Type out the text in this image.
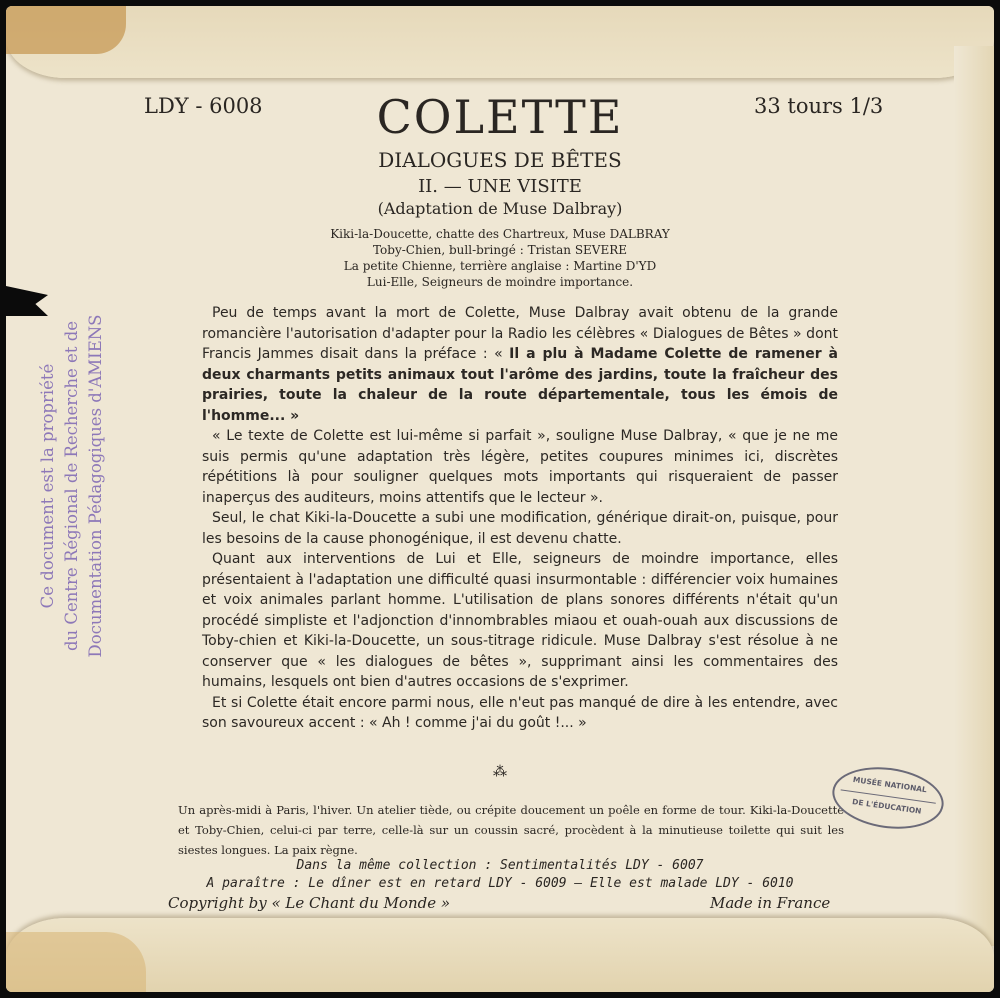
LDY - 6008	33 tours 1/3
COLETTE
DIALOGUES DE BÊTES
II. — UNE VISITE
(Adaptation de Muse Dalbray)
Kiki-la-Doucette, chatte des Chartreux, Muse DALBRAY
Toby-Chien, bull-bringé : Tristan SEVERE
La petite Chienne, terrière anglaise : Martine D'YD
Lui-Elle, Seigneurs de moindre importance.

Peu de temps avant la mort de Colette, Muse Dalbray avait obtenu de la grande romancière l'autorisation d'adapter pour la Radio les célèbres « Dialogues de Bêtes » dont Francis Jammes disait dans la préface : « Il a plu à Madame Colette de ramener à deux charmants petits animaux tout l'arôme des jardins, toute la fraîcheur des prairies, toute la chaleur de la route départementale, tous les émois de l'homme... »

« Le texte de Colette est lui-même si parfait », souligne Muse Dalbray, « que je ne me suis permis qu'une adaptation très légère, petites coupures minimes ici, discrètes répétitions là pour souligner quelques mots importants qui risqueraient de passer inaperçus des auditeurs, moins attentifs que le lecteur ».

Seul, le chat Kiki-la-Doucette a subi une modification, générique dirait-on, puisque, pour les besoins de la cause phonogénique, il est devenu chatte.

Quant aux interventions de Lui et Elle, seigneurs de moindre importance, elles présentaient à l'adaptation une difficulté quasi insurmontable : différencier voix humaines et voix animales parlant homme. L'utilisation de plans sonores différents n'était qu'un procédé simpliste et l'adjonction d'innombrables miaou et ouah-ouah aux discussions de Toby-chien et Kiki-la-Doucette, un sous-titrage ridicule. Muse Dalbray s'est résolue à ne conserver que « les dialogues de bêtes », supprimant ainsi les commentaires des humains, lesquels ont bien d'autres occasions de s'exprimer.

Et si Colette était encore parmi nous, elle n'eut pas manqué de dire à les entendre, avec son savoureux accent : « Ah ! comme j'ai du goût !... »

⁂
Un après-midi à Paris, l'hiver. Un atelier tiède, ou crépite doucement un poêle en forme de tour. Kiki-la-Doucette et Toby-Chien, celui-ci par terre, celle-là sur un coussin sacré, procèdent à la minutieuse toilette qui suit les siestes longues. La paix règne.
Dans la même collection : Sentimentalités LDY - 6007
A paraître : Le dîner est en retard LDY - 6009 — Elle est malade LDY - 6010
Copyright by « Le Chant du Monde »	Made in France
Ce document est la propriété du Centre Régional de Recherche et de Documentation Pédagogiques d'AMIENS
MUSÉE NATIONAL
DE L'ÉDUCATION
